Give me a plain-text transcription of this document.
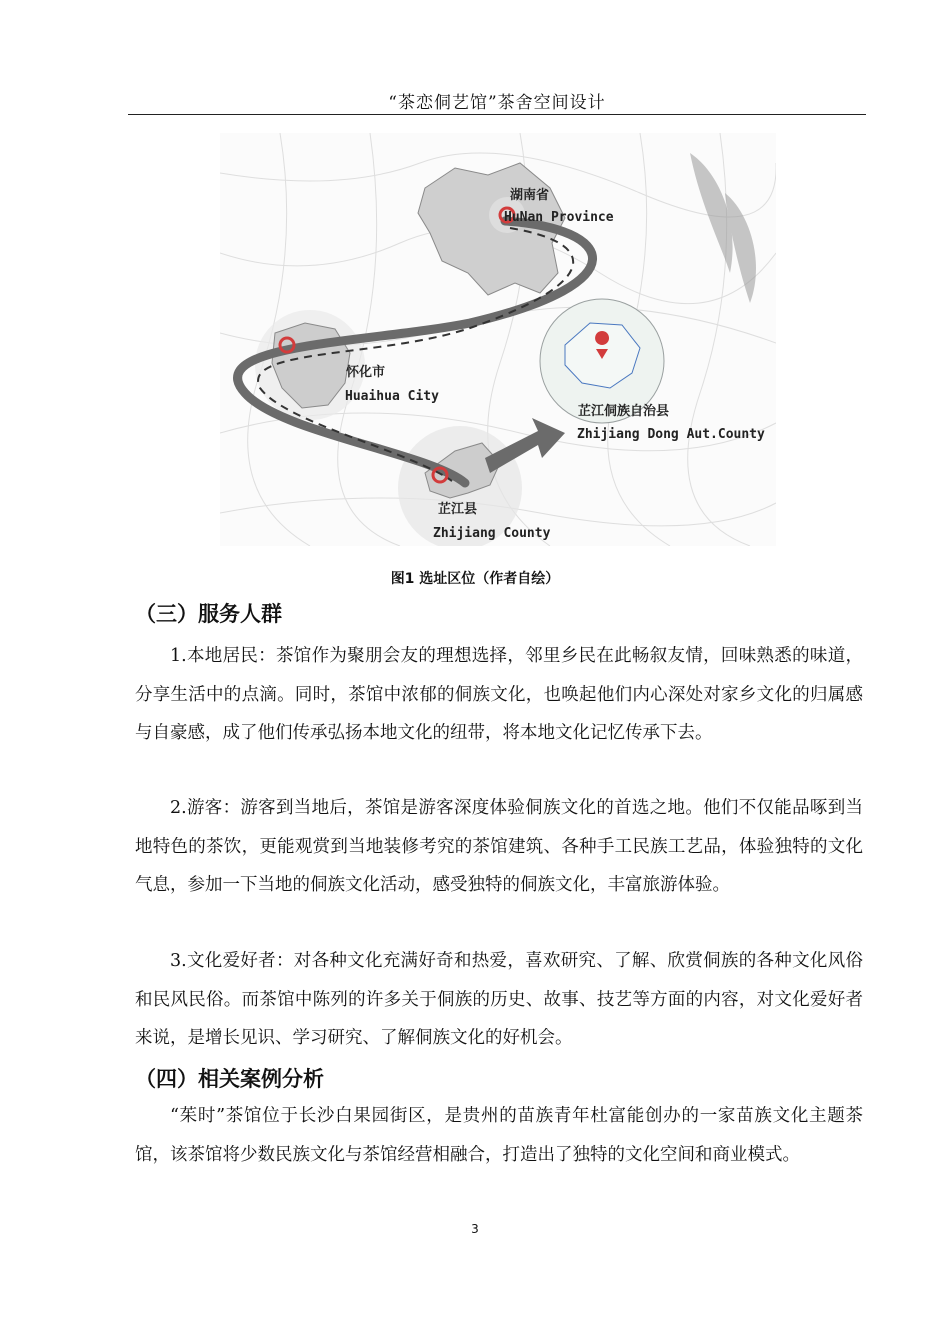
“茶恋侗艺馆”茶舍空间设计
湖南省
HuNan Province
怀化市
Huaihua City
芷江侗族自治县
Zhijiang Dong Aut.County
芷江县
Zhijiang County
图1 选址区位（作者自绘）
（三）服务人群
1.本地居民：茶馆作为聚朋会友的理想选择，邻里乡民在此畅叙友情，回味熟悉的味道，分享生活中的点滴。同时，茶馆中浓郁的侗族文化，也唤起他们内心深处对家乡文化的归属感与自豪感，成了他们传承弘扬本地文化的纽带，将本地文化记忆传承下去。
2.游客：游客到当地后，茶馆是游客深度体验侗族文化的首选之地。他们不仅能品啄到当地特色的茶饮，更能观赏到当地装修考究的茶馆建筑、各种手工民族工艺品，体验独特的文化气息，参加一下当地的侗族文化活动，感受独特的侗族文化，丰富旅游体验。
3.文化爱好者：对各种文化充满好奇和热爱，喜欢研究、了解、欣赏侗族的各种文化风俗和民风民俗。而茶馆中陈列的许多关于侗族的历史、故事、技艺等方面的内容，对文化爱好者来说，是增长见识、学习研究、了解侗族文化的好机会。
（四）相关案例分析
“茱时”茶馆位于长沙白果园街区，是贵州的苗族青年杜富能创办的一家苗族文化主题茶馆，该茶馆将少数民族文化与茶馆经营相融合，打造出了独特的文化空间和商业模式。
3
